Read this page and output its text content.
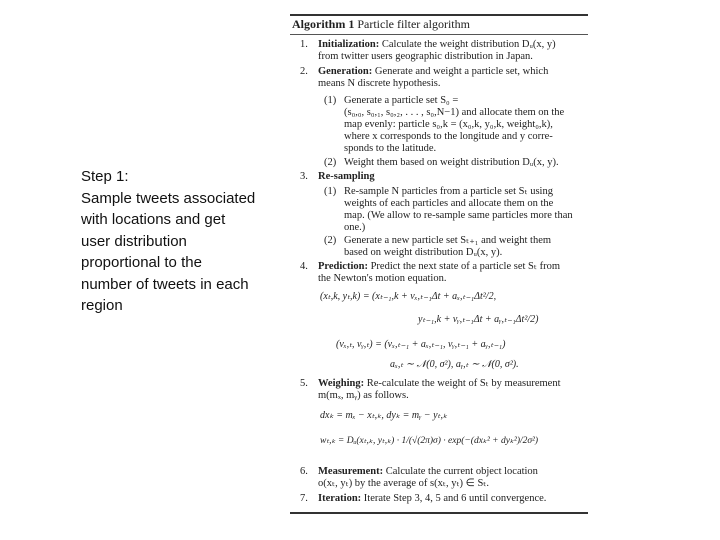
Step 1:
Sample tweets associated
with locations and get
user distribution
proportional to the
number of tweets in each
region
Algorithm 1 Particle filter algorithm
1. Initialization: Calculate the weight distribution Dᵤ(x, y)
from twitter users geographic distribution in Japan.
2. Generation: Generate and weight a particle set, which
means N discrete hypothesis.
(1) Generate a particle set S₀ =
(s₀,₀, s₀,₁, s₀,₂, . . . , s₀,N−1) and allocate them on the
map evenly: particle s₀,k = (x₀,k, y₀,k, weight₀,k),
where x corresponds to the longitude and y corre-
sponds to the latitude.
(2) Weight them based on weight distribution Dᵤ(x, y).
3. Re-sampling
(1) Re-sample N particles from a particle set Sₜ using
weights of each particles and allocate them on the
map. (We allow to re-sample same particles more than
one.)
(2) Generate a new particle set Sₜ₊₁ and weight them
based on weight distribution Dᵤ(x, y).
4. Prediction: Predict the next state of a particle set Sₜ from
the Newton's motion equation.
(xₜ,k, yₜ,k) = (xₜ₋₁,k + vₓ,ₜ₋₁Δt + aₓ,ₜ₋₁Δt²/2,
yₜ₋₁,k + vᵧ,ₜ₋₁Δt + aᵧ,ₜ₋₁Δt²/2)
(vₓ,ₜ, vᵧ,ₜ) = (vₓ,ₜ₋₁ + aₓ,ₜ₋₁, vᵧ,ₜ₋₁ + aᵧ,ₜ₋₁)
aₓ,ₜ ∼ 𝒩(0, σ²), aᵧ,ₜ ∼ 𝒩(0, σ²).
5. Weighing: Re-calculate the weight of Sₜ by measurement
m(mₓ, mᵧ) as follows.
dxₖ = mₓ − xₜ,ₖ, dyₖ = mᵧ − yₜ,ₖ
wₜ,ₖ = Dᵤ(xₜ,ₖ, yₜ,ₖ) · 1/(√(2π)σ) · exp(−(dxₖ² + dyₖ²)/2σ²)
6. Measurement: Calculate the current object location
o(xₜ, yₜ) by the average of s(xₜ, yₜ) ∈ Sₜ.
7. Iteration: Iterate Step 3, 4, 5 and 6 until convergence.
